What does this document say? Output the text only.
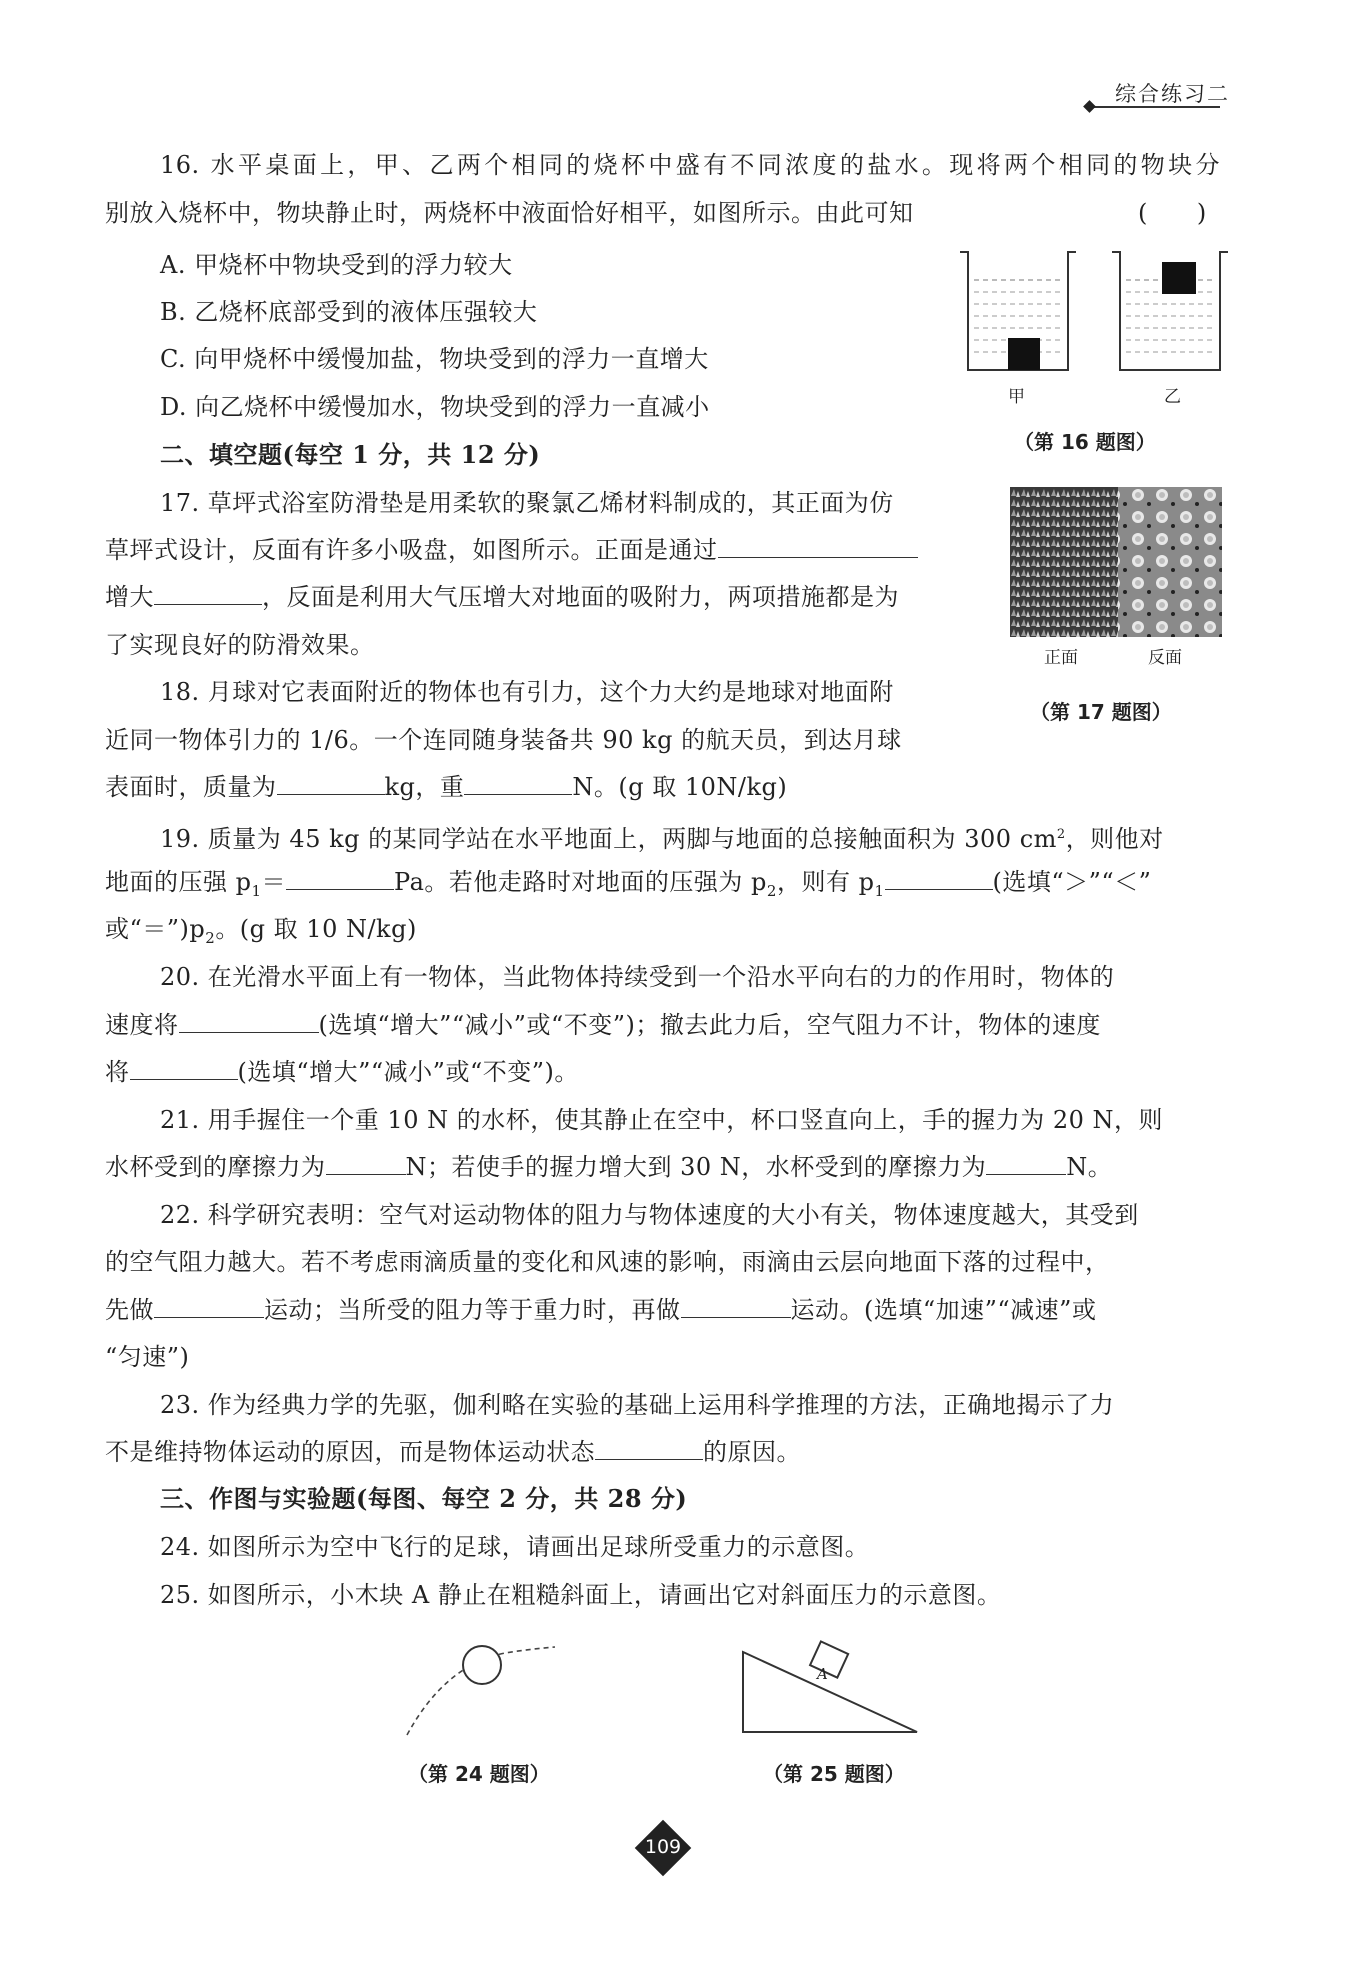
综合练习二
16. 水平桌面上，甲、乙两个相同的烧杯中盛有不同浓度的盐水。现将两个相同的物块分
别放入烧杯中，物块静止时，两烧杯中液面恰好相平，如图所示。由此可知	(　　)
A. 甲烧杯中物块受到的浮力较大
B. 乙烧杯底部受到的液体压强较大
C. 向甲烧杯中缓慢加盐，物块受到的浮力一直增大
D. 向乙烧杯中缓慢加水，物块受到的浮力一直减小	甲	乙
（第 16 题图）
二、填空题(每空 1 分，共 12 分)
17. 草坪式浴室防滑垫是用柔软的聚氯乙烯材料制成的，其正面为仿
草坪式设计，反面有许多小吸盘，如图所示。正面是通过
增大	，反面是利用大气压增大对地面的吸附力，两项措施都是为
了实现良好的防滑效果。	正面	反面
（第 17 题图）
18. 月球对它表面附近的物体也有引力，这个力大约是地球对地面附
近同一物体引力的 1/6。一个连同随身装备共 90 kg 的航天员，到达月球
表面时，质量为	kg，重	N。(g 取 10N/kg)
19. 质量为 45 kg 的某同学站在水平地面上，两脚与地面的总接触面积为 300 $cm^2$，则他对
地面的压强 $p_1=$	Pa。若他走路时对地面的压强为 $p_2$，则有 $p_1$	(选填“＞”“＜”
或“$=”)p_2$。(g 取 10 N/kg)
20. 在光滑水平面上有一物体，当此物体持续受到一个沿水平向右的力的作用时，物体的
速度将	(选填“增大”“减小”或“不变”)；撤去此力后，空气阻力不计，物体的速度
将	(选填“增大”“减小”或“不变”)。
21. 用手握住一个重 10 N 的水杯，使其静止在空中，杯口竖直向上，手的握力为 20 N，则
水杯受到的摩擦力为	N；若使手的握力增大到 30 N，水杯受到的摩擦力为	N。
22. 科学研究表明：空气对运动物体的阻力与物体速度的大小有关，物体速度越大，其受到
的空气阻力越大。若不考虑雨滴质量的变化和风速的影响，雨滴由云层向地面下落的过程中，
先做	运动；当所受的阻力等于重力时，再做	运动。(选填“加速”“减速”或
“匀速”)
23. 作为经典力学的先驱，伽利略在实验的基础上运用科学推理的方法，正确地揭示了力
不是维持物体运动的原因，而是物体运动状态	的原因。
三、作图与实验题(每图、每空 2 分，共 28 分)
24. 如图所示为空中飞行的足球，请画出足球所受重力的示意图。
25. 如图所示，小木块 A 静止在粗糙斜面上，请画出它对斜面压力的示意图。
（第 24 题图）
A
（第 25 题图）
109
